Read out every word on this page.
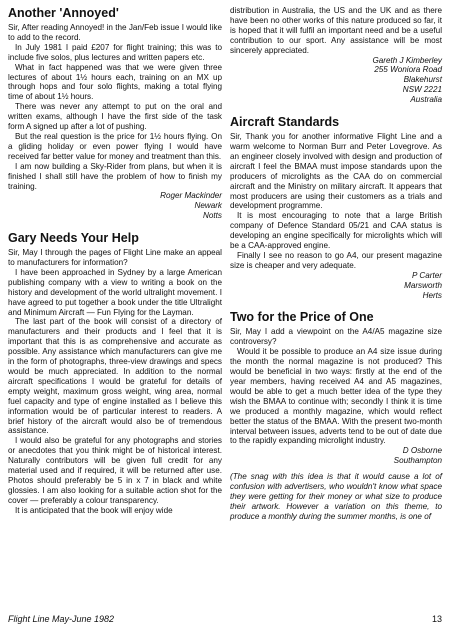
Another 'Annoyed'

Sir, After reading Annoyed! in the Jan/Feb issue I would like to add to the record.

In July 1981 I paid £207 for flight training; this was to include five solos, plus lectures and written papers etc.

What in fact happened was that we were given three lectures of about 1½ hours each, training on an MX up through hops and four solo flights, making a total flying time of about 1½ hours.

There was never any attempt to put on the oral and written exams, although I have the first side of the task form A signed up after a lot of pushing.

But the real question is the price for 1½ hours flying. On a gliding holiday or even power flying I would have received far better value for money and treatment than this.

I am now building a Sky-Rider from plans, but when it is finished I shall still have the problem of how to finish my training.

Roger Mackinder
Newark
Notts
Gary Needs Your Help

Sir, May I through the pages of Flight Line make an appeal to manufacturers for information?

I have been approached in Sydney by a large American publishing company with a view to writing a book on the history and development of the world ultralight movement. I have agreed to put together a book under the title Ultralight and Minimum Aircraft — Fun Flying for the Layman.

The last part of the book will consist of a directory of manufacturers and their products and I feel that it is important that this is as comprehensive and accurate as possible. Any assistance which manufacturers can give me in the form of photographs, three-view drawings and specs would be much appreciated. In addition to the normal aircraft specifications I would be grateful for details of empty weight, maximum gross weight, wing area, normal fuel capacity and type of engine installed as I believe this information would be of particular interest to readers. A brief history of the aircraft would also be of tremendous assistance.

I would also be grateful for any photographs and stories or anecdotes that you think might be of historical interest. Naturally contributors will be given full credit for any material used and if required, it will be returned after use. Photos should preferably be 5 in x 7 in black and white glossies. I am also looking for a suitable action shot for the cover — preferably a colour transparency.

It is anticipated that the book will enjoy wide

distribution in Australia, the US and the UK and as there have been no other works of this nature produced so far, it is hoped that it will fulfil an important need and be a useful contribution to our sport. Any assistance will be most sincerely appreciated.

Gareth J Kimberley
255 Woniora Road
Blakehurst
NSW 2221
Australia
Aircraft Standards

Sir, Thank you for another informative Flight Line and a warm welcome to Norman Burr and Peter Lovegrove. As an engineer closely involved with design and production of aircraft I feel the BMAA must impose standards upon the producers of microlights as the CAA do on commercial aircraft and the Ministry on military aircraft. It appears that most producers are using their customers as a trials and development programme.

It is most encouraging to note that a large British company of Defence Standard 05/21 and CAA status is developing an engine specifically for microlights which will be a CAA-approved engine.

Finally I see no reason to go A4, our present magazine size is cheaper and very adequate.

P Carter
Marsworth
Herts
Two for the Price of One

Sir, May I add a viewpoint on the A4/A5 magazine size controversy?

Would it be possible to produce an A4 size issue during the month the normal magazine is not produced? This would be beneficial in two ways: firstly at the end of the year members, having received A4 and A5 magazines, would be able to get a much better idea of the type they wish the BMAA to continue with; secondly I think it is time we produced a monthly magazine, which would reflect better the status of the BMAA. With the present two-month interval between issues, adverts tend to be out of date due to the rapidly expanding microlight industry.

D Osborne
Southampton

(The snag with this idea is that it would cause a lot of confusion with advertisers, who wouldn't know what space they were getting for their money or what size to produce their artwork. However a variation on this theme, to produce a monthly during the summer months, is one of

Flight Line May-June 1982	13
